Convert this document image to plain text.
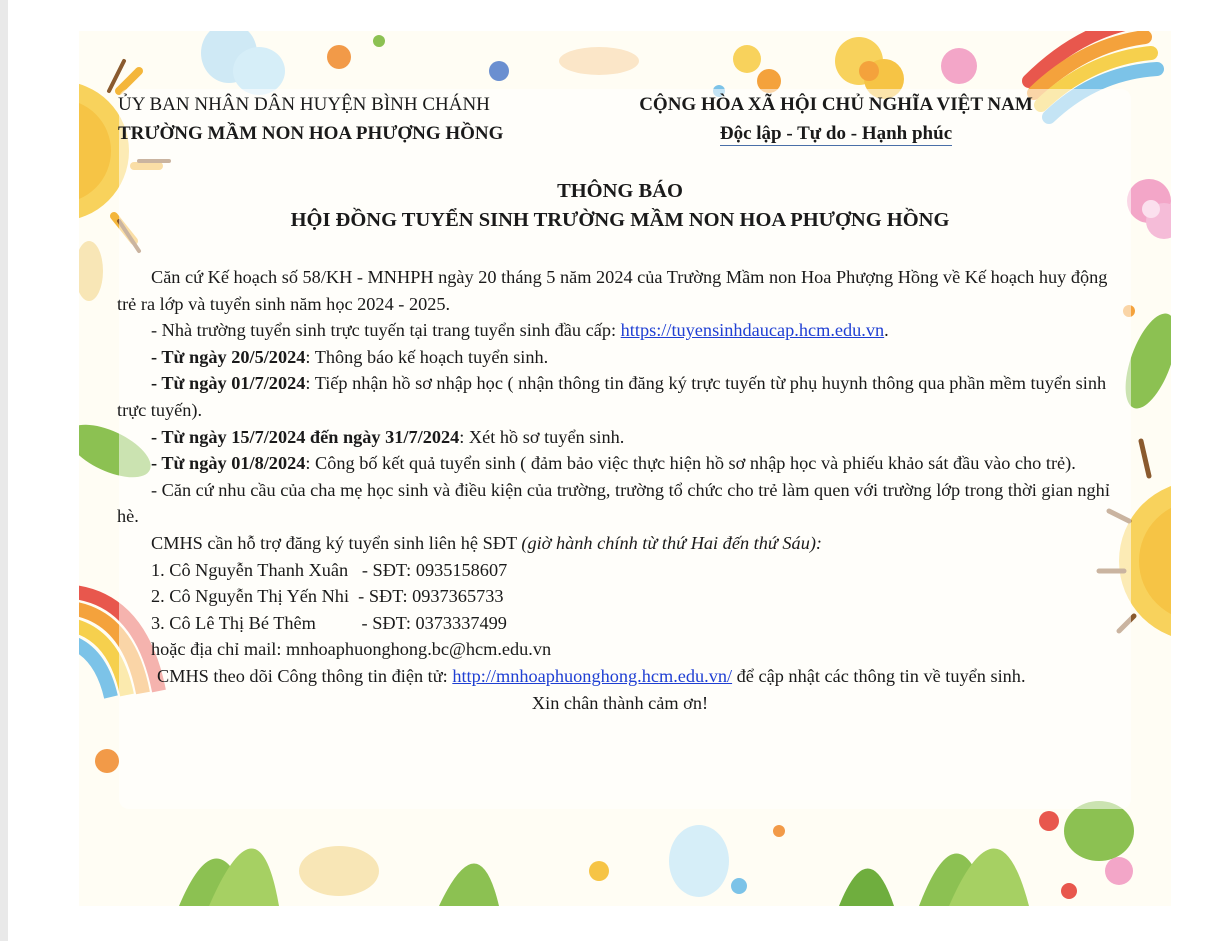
ỦY BAN NHÂN DÂN HUYỆN BÌNH CHÁNH
TRƯỜNG MẦM NON HOA PHƯỢNG HỒNG
CỘNG HÒA XÃ HỘI CHỦ NGHĨA VIỆT NAM
Độc lập - Tự do - Hạnh phúc
THÔNG BÁO
HỘI ĐỒNG TUYỂN SINH TRƯỜNG MẦM NON HOA PHƯỢNG HỒNG

Căn cứ Kế hoạch số 58/KH - MNHPH ngày 20 tháng 5 năm 2024 của Trường Mầm non Hoa Phượng Hồng về Kế hoạch huy động trẻ ra lớp và tuyển sinh năm học 2024 - 2025.

- Nhà trường tuyển sinh trực tuyến tại trang tuyển sinh đầu cấp: https://tuyensinhdaucap.hcm.edu.vn.

- Từ ngày 20/5/2024: Thông báo kế hoạch tuyển sinh.

- Từ ngày 01/7/2024: Tiếp nhận hồ sơ nhập học ( nhận thông tin đăng ký trực tuyến từ phụ huynh thông qua phần mềm tuyển sinh trực tuyến).

- Từ ngày 15/7/2024 đến ngày 31/7/2024: Xét hồ sơ tuyển sinh.

- Từ ngày 01/8/2024: Công bố kết quả tuyển sinh ( đảm bảo việc thực hiện hồ sơ nhập học và phiếu khảo sát đầu vào cho trẻ).

- Căn cứ nhu cầu của cha mẹ học sinh và điều kiện của trường, trường tổ chức cho trẻ làm quen với trường lớp trong thời gian nghỉ hè.

CMHS cần hỗ trợ đăng ký tuyển sinh liên hệ SĐT (giờ hành chính từ thứ Hai đến thứ Sáu):

1. Cô Nguyễn Thanh Xuân   - SĐT: 0935158607

2. Cô Nguyễn Thị Yến Nhi  - SĐT: 0937365733

3. Cô Lê Thị Bé Thêm          - SĐT: 0373337499

hoặc địa chỉ mail: mnhoaphuonghong.bc@hcm.edu.vn

CMHS theo dõi Công thông tin điện tử: http://mnhoaphuonghong.hcm.edu.vn/ để cập nhật các thông tin về tuyển sinh.

Xin chân thành cảm ơn!
